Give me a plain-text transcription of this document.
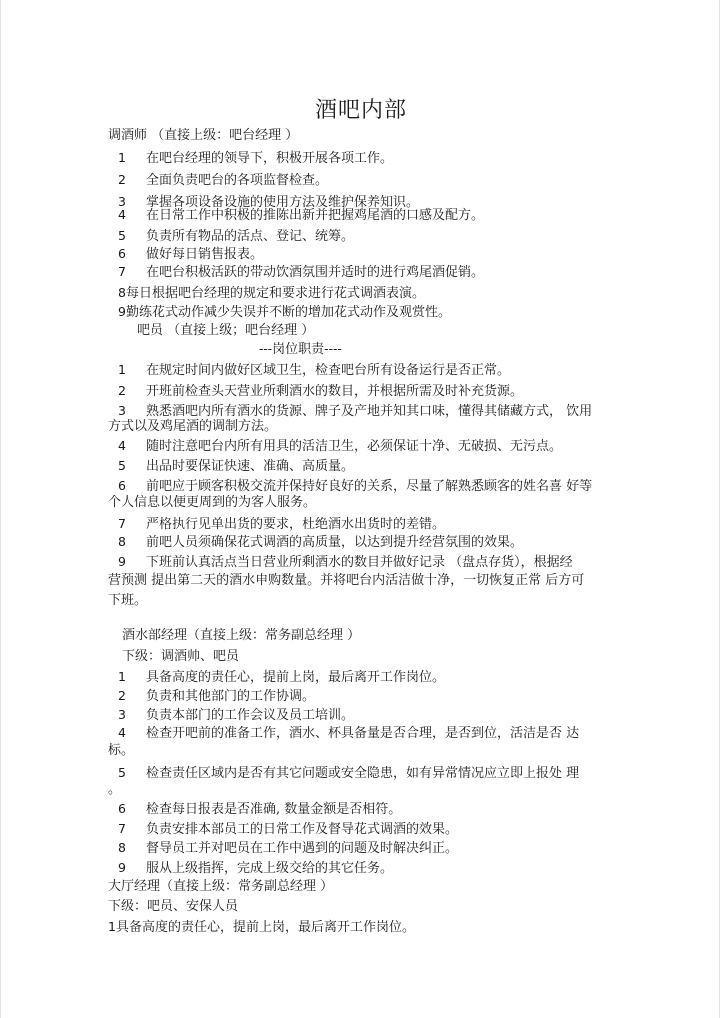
酒吧内部
调酒师 （直接上级：吧台经理 ）
1 在吧台经理的领导下，积极开展各项工作。
2 全面负责吧台的各项监督检查。
3 掌握各项设备设施的使用方法及维护保养知识。
4 在日常工作中积极的推陈出新并把握鸡尾酒的口感及配方。
5 负责所有物品的活点、登记、统筹。
6 做好每日销售报表。
7 在吧台积极活跃的带动饮酒氛围并适时的进行鸡尾酒促销。
8每日根据吧台经理的规定和要求进行花式调酒表演。
9勤练花式动作减少失误并不断的增加花式动作及观赏性。
吧员 （直接上级；吧台经理 ）
---岗位职责----
1 在规定时间内做好区域卫生，检查吧台所有设备运行是否正常。
2 开班前检查头天营业所剩酒水的数目，并根据所需及时补充货源。
3 熟悉酒吧内所有酒水的货源、牌子及产地并知其口味，懂得其储藏方式， 饮用
方式以及鸡尾酒的调制方法。
4 随时注意吧台内所有用具的活洁卫生，必须保证十净、无破损、无污点。
5 出品时要保证快速、准确、高质量。
6 前吧应于顾客积极交流并保持好良好的关系，尽量了解熟悉顾客的姓名喜 好等
个人信息以便更周到的为客人服务。
7 严格执行见单出货的要求，杜绝酒水出货时的差错。
8 前吧人员须确保花式调酒的高质量，以达到提升经营氛围的效果。
9 下班前认真活点当日营业所剩酒水的数目并做好记录 （盘点存货），根据经
营预测 提出第二天的酒水申购数量。并将吧台内活洁做十净，一切恢复正常 后方可
下班。
酒水部经理（直接上级：常务副总经理 ）
下级：调酒帅、吧员
1 具备高度的责任心，提前上岗，最后离开工作岗位。
2 负责和其他部门的工作协调。
3 负责本部门的工作会议及员工培训。
4 检查开吧前的准备工作，酒水、杯具备量是否合理，是否到位，活洁是否 达
标。
5 检查责任区域内是否有其它问题或安全隐患，如有异常情况应立即上报处 理
。
6 检查每日报表是否准确, 数量金额是否相符。
7 负责安排本部员工的日常工作及督导花式调酒的效果。
8 督导员工并对吧员在工作中遇到的问题及时解决纠正。
9 服从上级指挥，完成上级交给的其它任务。
大厅经理（直接上级：常务副总经理 ）
下级：吧员、安保人员
1具备高度的责任心，提前上岗，最后离开工作岗位。
